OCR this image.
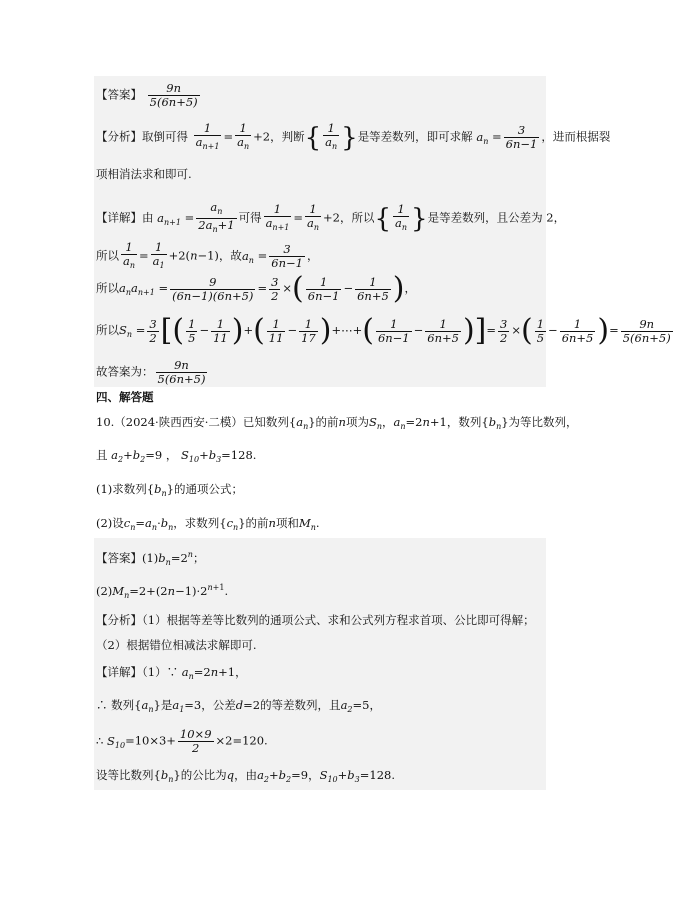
【答案】 $\frac{9n}{5(6n+5)}$
【分析】取倒可得 $\frac{1}{a_{n+1}} = \frac{1}{a_n} +2$，判断{ $\frac{1}{a_n}$ }是等差数列，即可求解 $a_n = \frac{3}{6n-1}$ ，进而根据裂
项相消法求和即可.
【详解】由 $a_{n+1} = \frac{a_n}{2a_n+1}$ 可得 $\frac{1}{a_{n+1}} = \frac{1}{a_n} +2$，所以{ $\frac{1}{a_n}$ }是等差数列，且公差为 2，
所以 $\frac{1}{a_n} = \frac{1}{a_1} +2(n-1)$，故$a_n = \frac{3}{6n-1}$ ，
所以$a_na_{n+1} = \frac{9}{(6n-1)(6n+5)} = \frac{3}{2}$ ×( $\frac{1}{6n-1} - \frac{1}{6n+5}$ )，
所以$S_n = \frac{3}{2}$ [( $\frac{1}{5} - \frac{1}{11}$ )+( $\frac{1}{11} - \frac{1}{17}$ )+⋯+( $\frac{1}{6n-1} - \frac{1}{6n+5}$ )]= $\frac{3}{2}$ ×( $\frac{1}{5} - \frac{1}{6n+5}$ )= $\frac{9n}{5(6n+5)}$
故答案为： $\frac{9n}{5(6n+5)}$
四、解答题
10.（2024·陕西西安·二模）已知数列$\{a_n\}$的前n项为$S_n$，$a_n=2n+1$，数列$\{b_n\}$为等比数列，
且 $a_2+b_2=9$ ， $S_{10}+b_3=128$.
(1)求数列$\{b_n\}$的通项公式；
(2)设$c_n=a_n\cdot b_n$，求数列$\{c_n\}$的前n项和$M_n$.
【答案】$(1)b_n=2^n$；
$(2)M_n=2+(2n-1)\cdot 2^{n+1}$.
【分析】（1）根据等差等比数列的通项公式、求和公式列方程求首项、公比即可得解；
（2）根据错位相减法求解即可.
【详解】（1）∵ $a_n=2n+1$，
∴ 数列$\{a_n\}$是$a_1=3$，公差d=2的等差数列，且$a_2=5$，
∴ $S_{10}=10\times 3+ \frac{10\times 9}{2} \times 2=120$.
设等比数列$\{b_n\}$的公比为q，由$a_2+b_2=9$，$S_{10}+b_3=128$.
